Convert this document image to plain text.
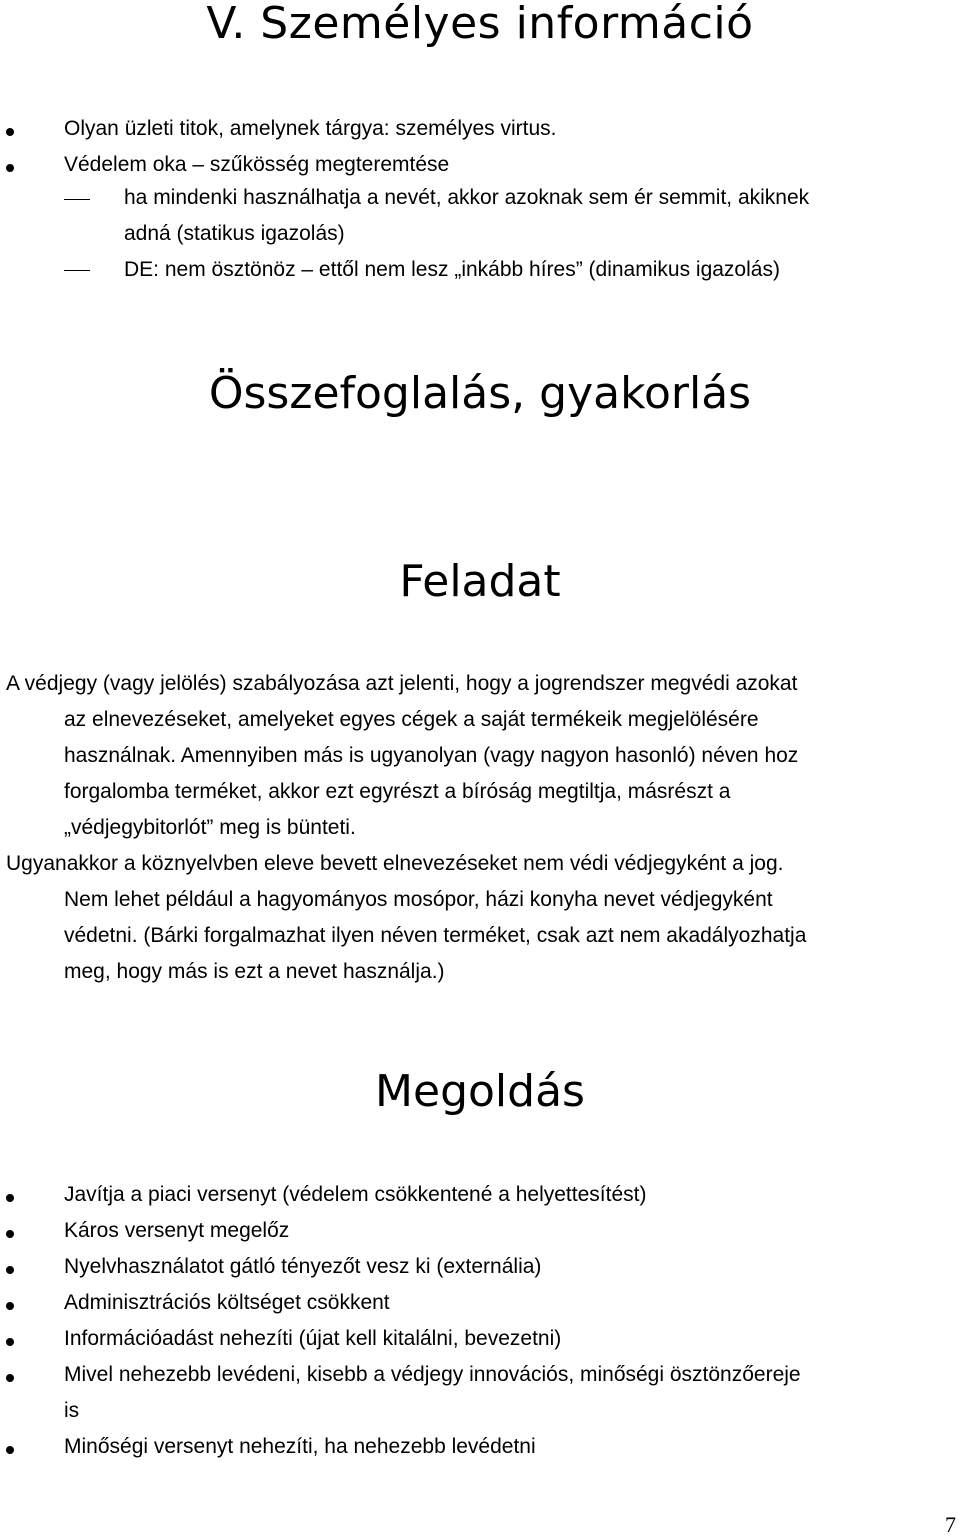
V. Személyes információ
Olyan üzleti titok, amelynek tárgya: személyes virtus.
Védelem oka – szűkösség megteremtése
ha mindenki használhatja a nevét, akkor azoknak sem ér semmit, akiknek
adná (statikus igazolás)
DE: nem ösztönöz – ettől nem lesz „inkább híres” (dinamikus igazolás)
Összefoglalás, gyakorlás
Feladat
A védjegy (vagy jelölés) szabályozása azt jelenti, hogy a jogrendszer megvédi azokat
az elnevezéseket, amelyeket egyes cégek a saját termékeik megjelölésére
használnak. Amennyiben más is ugyanolyan (vagy nagyon hasonló) néven hoz
forgalomba terméket, akkor ezt egyrészt a bíróság megtiltja, másrészt a
„védjegybitorlót” meg is bünteti.
Ugyanakkor a köznyelvben eleve bevett elnevezéseket nem védi védjegyként a jog.
Nem lehet például a hagyományos mosópor, házi konyha nevet védjegyként
védetni. (Bárki forgalmazhat ilyen néven terméket, csak azt nem akadályozhatja
meg, hogy más is ezt a nevet használja.)
Megoldás
Javítja a piaci versenyt (védelem csökkentené a helyettesítést)
Káros versenyt megelőz
Nyelvhasználatot gátló tényezőt vesz ki (externália)
Adminisztrációs költséget csökkent
Információadást nehezíti (újat kell kitalálni, bevezetni)
Mivel nehezebb levédeni, kisebb a védjegy innovációs, minőségi ösztönzőereje
is
Minőségi versenyt nehezíti, ha nehezebb levédetni
7
